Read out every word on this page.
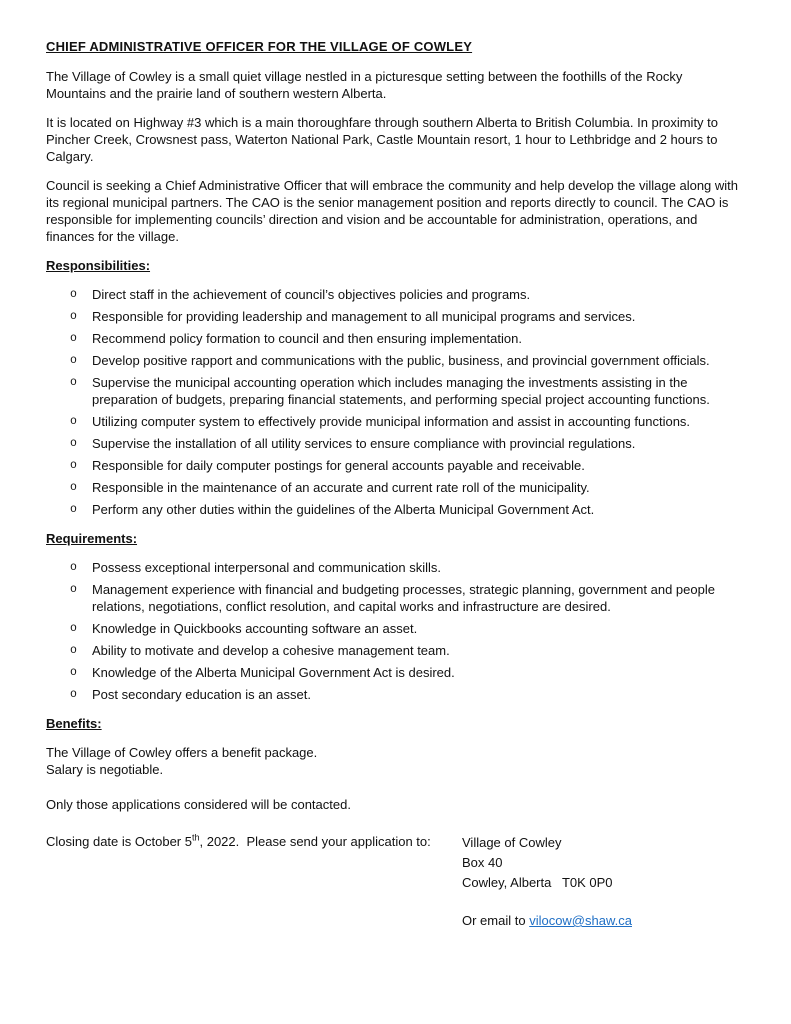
CHIEF ADMINISTRATIVE OFFICER FOR THE VILLAGE OF COWLEY

The Village of Cowley is a small quiet village nestled in a picturesque setting between the foothills of the Rocky Mountains and the prairie land of southern western Alberta.

It is located on Highway #3 which is a main thoroughfare through southern Alberta to British Columbia. In proximity to Pincher Creek, Crowsnest pass, Waterton National Park, Castle Mountain resort, 1 hour to Lethbridge and 2 hours to Calgary.

Council is seeking a Chief Administrative Officer that will embrace the community and help develop the village along with its regional municipal partners. The CAO is the senior management position and reports directly to council. The CAO is responsible for implementing councils’ direction and vision and be accountable for administration, operations, and finances for the village.

Responsibilities:
o	Direct staff in the achievement of council’s objectives policies and programs.
o	Responsible for providing leadership and management to all municipal programs and services.
o	Recommend policy formation to council and then ensuring implementation.
o	Develop positive rapport and communications with the public, business, and provincial government officials.
o	Supervise the municipal accounting operation which includes managing the investments assisting in the preparation of budgets, preparing financial statements, and performing special project accounting functions.
o	Utilizing computer system to effectively provide municipal information and assist in accounting functions.
o	Supervise the installation of all utility services to ensure compliance with provincial regulations.
o	Responsible for daily computer postings for general accounts payable and receivable.
o	Responsible in the maintenance of an accurate and current rate roll of the municipality.
o	Perform any other duties within the guidelines of the Alberta Municipal Government Act.
Requirements:
o	Possess exceptional interpersonal and communication skills.
o	Management experience with financial and budgeting processes, strategic planning, government and people relations, negotiations, conflict resolution, and capital works and infrastructure are desired.
o	Knowledge in Quickbooks accounting software an asset.
o	Ability to motivate and develop a cohesive management team.
o	Knowledge of the Alberta Municipal Government Act is desired.
o	Post secondary education is an asset.
Benefits:

The Village of Cowley offers a benefit package.

Salary is negotiable.

Only those applications considered will be contacted.

Closing date is October 5th, 2022.  Please send your application to:	Village of Cowley
Box 40
Cowley, Alberta   T0K 0P0
Or email to vilocow@shaw.ca
